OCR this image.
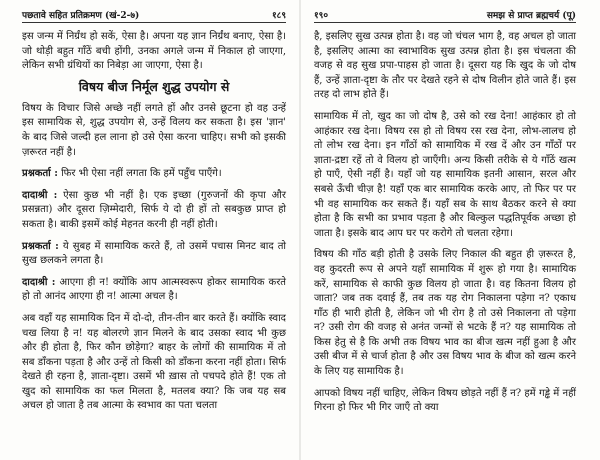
पछतावे सहित प्रतिक्रमण (खं-2-७)	१८९

इस जन्म में निर्ग्रंथ हो सकें, ऐसा है। अपना यह ज्ञान निर्ग्रंथ बनाए, ऐसा है। जो थोड़ी बहुत गाँठें बची होंगी, उनका अगले जन्म में निकाल हो जाएगा, लेकिन सभी ग्रंथियों का निबेड़ा आ जाएगा, ऐसा है।

विषय बीज निर्मूल शुद्ध उपयोग से

विषय के विचार जिसे अच्छे नहीं लगते हों और उनसे छूटना हो वह उन्हें इस सामायिक से, शुद्ध उपयोग से, उन्हें विलय कर सकता है। इस 'ज्ञान' के बाद जिसे जल्दी हल लाना हो उसे ऐसा करना चाहिए। सभी को इसकी ज़रूरत नहीं है।

प्रश्नकर्ता : फिर भी ऐसा नहीं लगता कि हमें पहुँच पाएँगे।

दादाश्री : ऐसा कुछ भी नहीं है। एक इच्छा (गुरुजनों की कृपा और प्रसन्नता) और दूसरा ज़िम्मेदारी, सिर्फ ये दो ही हों तो सबकुछ प्राप्त हो सकता है। बाकी इसमें कोई मेहनत करनी ही नहीं होती।

प्रश्नकर्ता : ये सुबह में सामायिक करते हैं, तो उसमें पचास मिनट बाद तो सुख छलकने लगता है।

दादाश्री : आएगा ही न! क्योंकि आप आत्मस्वरूप होकर सामायिक करते हो तो आनंद आएगा ही न! आत्मा अचल है।

अब वहाँ यह सामायिक दिन में दो-दो, तीन-तीन बार करते हैं। क्योंकि स्वाद चख लिया है न! यह बोलरणे ज्ञान मिलने के बाद उसका स्वाद भी कुछ और ही होता है, फिर कौन छोड़ेगा? बाहर के लोगों की सामायिक में तो सब डाँकना पड़ता है और उन्हें तो किसी को डाँकना करना नहीं होता। सिर्फ देखते ही रहना है, ज्ञाता-दृष्टा। उसमें भी ख़ास तो पचपदे होते हैं! एक तो खुद को सामायिक का फल मिलता है, मतलब क्या? कि जब यह सब अचल हो जाता है तब आत्मा के स्वभाव का पता चलता

१९०	समझ से प्राप्त ब्रह्मचर्य (पू)

है, इसलिए सुख उत्पन्न होता है। वह जो चंचल भाग है, वह अचल हो जाता है, इसलिए आत्मा का स्वाभाविक सुख उत्पन्न होता है। इस चंचलता की वजह से वह सुख प्रपा-पाहस हो जाता है। दूसरा यह कि खुद के जो दोष हैं, उन्हें ज्ञाता-दृष्टा के तौर पर देखते रहने से दोष विलीन होते जाते हैं। इस तरह दो लाभ होते हैं।

सामायिक में तो, खुद का जो दोष है, उसे को रख देना! आहंकार हो तो आहंकार रख देना। विषय रस हो तो विषय रस रख देना, लोभ-लालच हो तो लोभ रख देना। इन गाँठों को सामायिक में रख दें और उन गाँठों पर ज्ञाता-द्रष्टा रहें तो वे विलय हो जाएँगी। अन्य किसी तरीके से ये गाँठें खत्म हो पाएँ, ऐसी नहीं है। यहाँ जो यह सामायिक इतनी आसान, सरल और सबसे ऊँची चीज़ है! यहाँ एक बार सामायिक करके आए, तो फिर पर पर भी वह सामायिक कर सकते हैं। यहाँ सब के साथ बैठकर करने से क्या होता है कि सभी का प्रभाव पड़ता है और बिल्कुल पद्धतिपूर्वक अच्छा हो जाता है। इसके बाद आप घर पर करोगे तो चलता रहेगा।

विषय की गाँठ बड़ी होती है उसके लिए निकाल की बहुत ही ज़रूरत है, वह कुदरती रूप से अपने यहाँ सामायिक में शुरू हो गया है। सामायिक करें, सामायिक से काफी कुछ विलय हो जाता है। वह कितना विलय हो जाता? जब तक दवाई हैं, तब तक यह रोग निकालना पड़ेगा न? एकाध गाँठ ही भारी होती है, लेकिन जो भी रोग है तो उसे निकालना तो पड़ेगा न? उसी रोग की वजह से अनंत जन्मों से भटके हैं न? यह सामायिक तो किस हेतु से है कि अभी तक विषय भाव का बीज खत्म नहीं हुआ है और उसी बीज में से चार्ज होता है और उस विषय भाव के बीज को खत्म करने के लिए यह सामायिक है।

आपको विषय नहीं चाहिए, लेकिन विषय छोड़ते नहीं हैं न? हमें गड्ढे में नहीं गिरना हो फिर भी गिर जाएँ तो क्या
